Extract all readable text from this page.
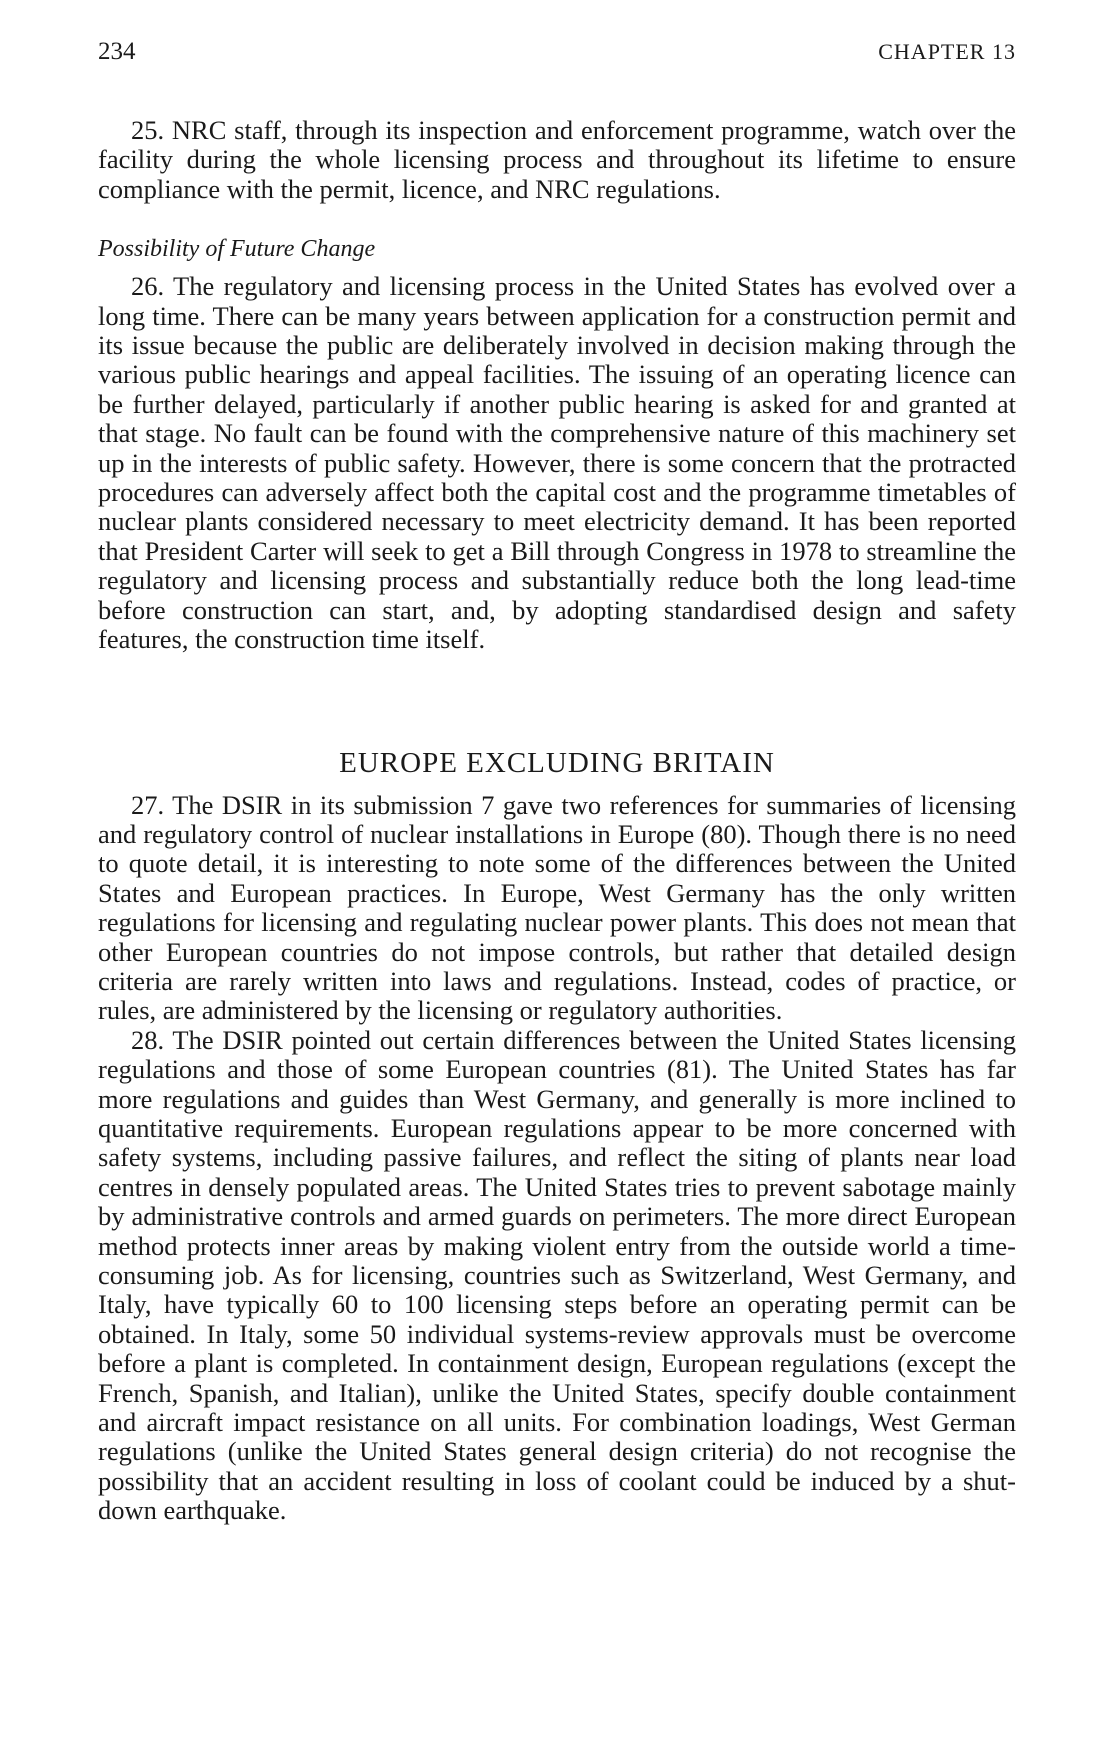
234	CHAPTER 13

25. NRC staff, through its inspection and enforcement programme, watch over the facility during the whole licensing process and throughout its lifetime to ensure compliance with the permit, licence, and NRC regulations.

Possibility of Future Change

26. The regulatory and licensing process in the United States has evolved over a long time. There can be many years between application for a construction permit and its issue because the public are deliberately involved in decision making through the various public hearings and appeal facilities. The issuing of an operating licence can be further delayed, particularly if another public hearing is asked for and granted at that stage. No fault can be found with the comprehensive nature of this machinery set up in the interests of public safety. However, there is some concern that the protracted procedures can adversely affect both the capital cost and the programme timetables of nuclear plants considered necessary to meet electricity demand. It has been reported that President Carter will seek to get a Bill through Congress in 1978 to streamline the regulatory and licensing process and substantially reduce both the long lead-time before construction can start, and, by adopting standardised design and safety features, the construction time itself.

EUROPE EXCLUDING BRITAIN

27. The DSIR in its submission 7 gave two references for summaries of licensing and regulatory control of nuclear installations in Europe (80). Though there is no need to quote detail, it is interesting to note some of the differences between the United States and European practices. In Europe, West Germany has the only written regulations for licensing and regulating nuclear power plants. This does not mean that other European countries do not impose controls, but rather that detailed design criteria are rarely written into laws and regulations. Instead, codes of practice, or rules, are administered by the licensing or regulatory authorities.

28. The DSIR pointed out certain differences between the United States licensing regulations and those of some European countries (81). The United States has far more regulations and guides than West Germany, and generally is more inclined to quantitative requirements. European regulations appear to be more concerned with safety systems, including passive failures, and reflect the siting of plants near load centres in densely populated areas. The United States tries to prevent sabotage mainly by administrative controls and armed guards on perimeters. The more direct European method protects inner areas by making violent entry from the outside world a time-consuming job. As for licensing, countries such as Switzerland, West Germany, and Italy, have typically 60 to 100 licensing steps before an operating permit can be obtained. In Italy, some 50 individual systems-review approvals must be overcome before a plant is completed. In containment design, European regulations (except the French, Spanish, and Italian), unlike the United States, specify double containment and aircraft impact resistance on all units. For combination loadings, West German regulations (unlike the United States general design criteria) do not recognise the possibility that an accident resulting in loss of coolant could be induced by a shut-down earthquake.
